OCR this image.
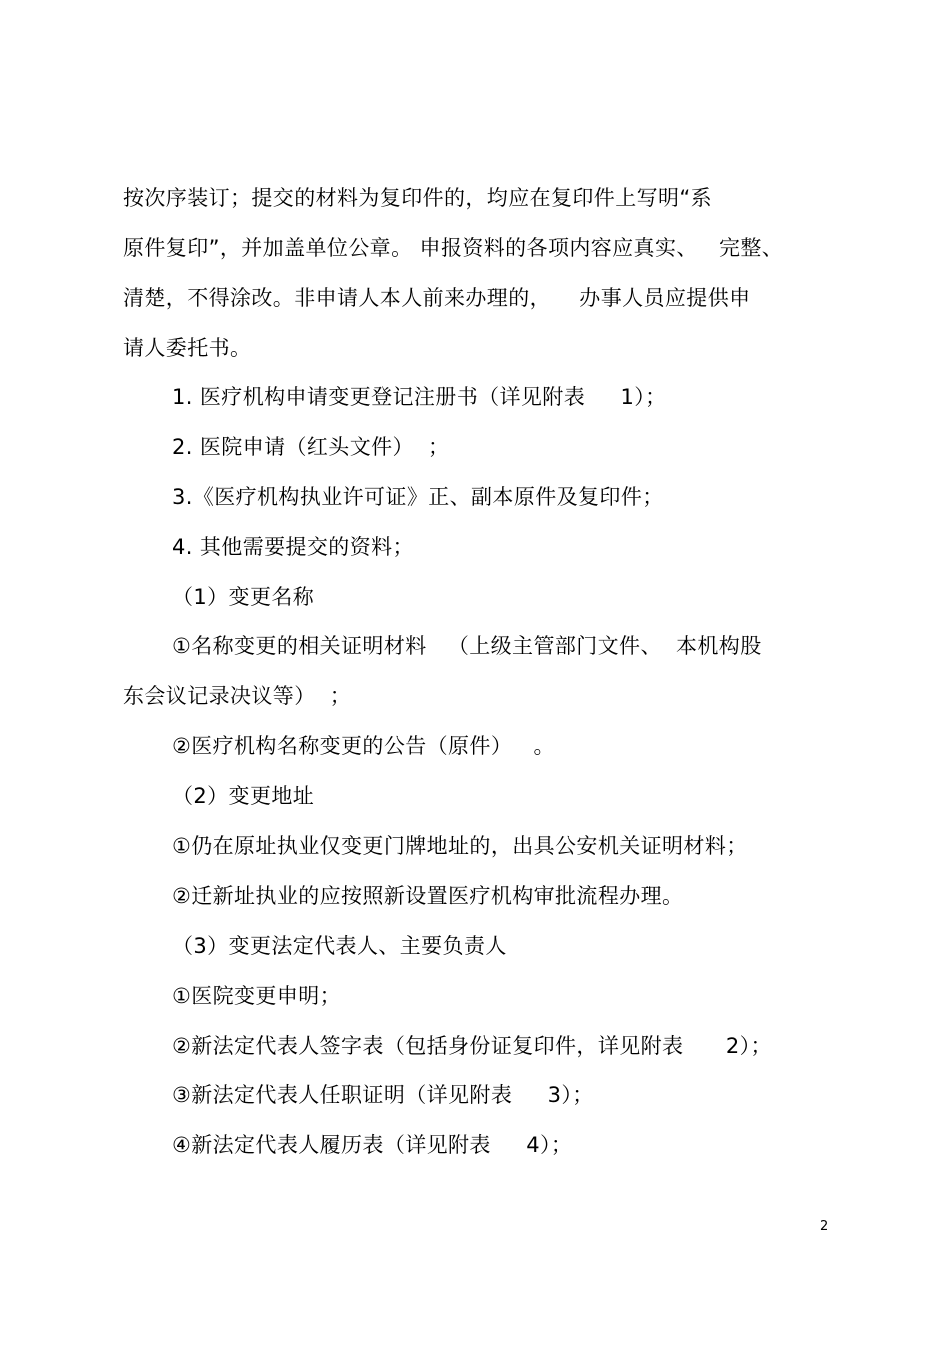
按次序装订；提交的材料为复印件的，均应在复印件上写明“系
原件复印”，并加盖单位公章。 申报资料的各项内容应真实、   完整、
清楚，不得涂改。非申请人本人前来办理的，    办事人员应提供申
请人委托书。
1. 医疗机构申请变更登记注册书（详见附表     1）；
2. 医院申请（红头文件）  ；
3.《医疗机构执业许可证》正、副本原件及复印件；
4. 其他需要提交的资料；
（1）变更名称
①名称变更的相关证明材料   （上级主管部门文件、  本机构股
东会议记录决议等）  ；
②医疗机构名称变更的公告（原件）   。
（2）变更地址
①仍在原址执业仅变更门牌地址的，出具公安机关证明材料；
②迁新址执业的应按照新设置医疗机构审批流程办理。
（3）变更法定代表人、主要负责人
①医院变更申明；
②新法定代表人签字表（包括身份证复印件，详见附表      2）；
③新法定代表人任职证明（详见附表     3）；
④新法定代表人履历表（详见附表     4）；
2
